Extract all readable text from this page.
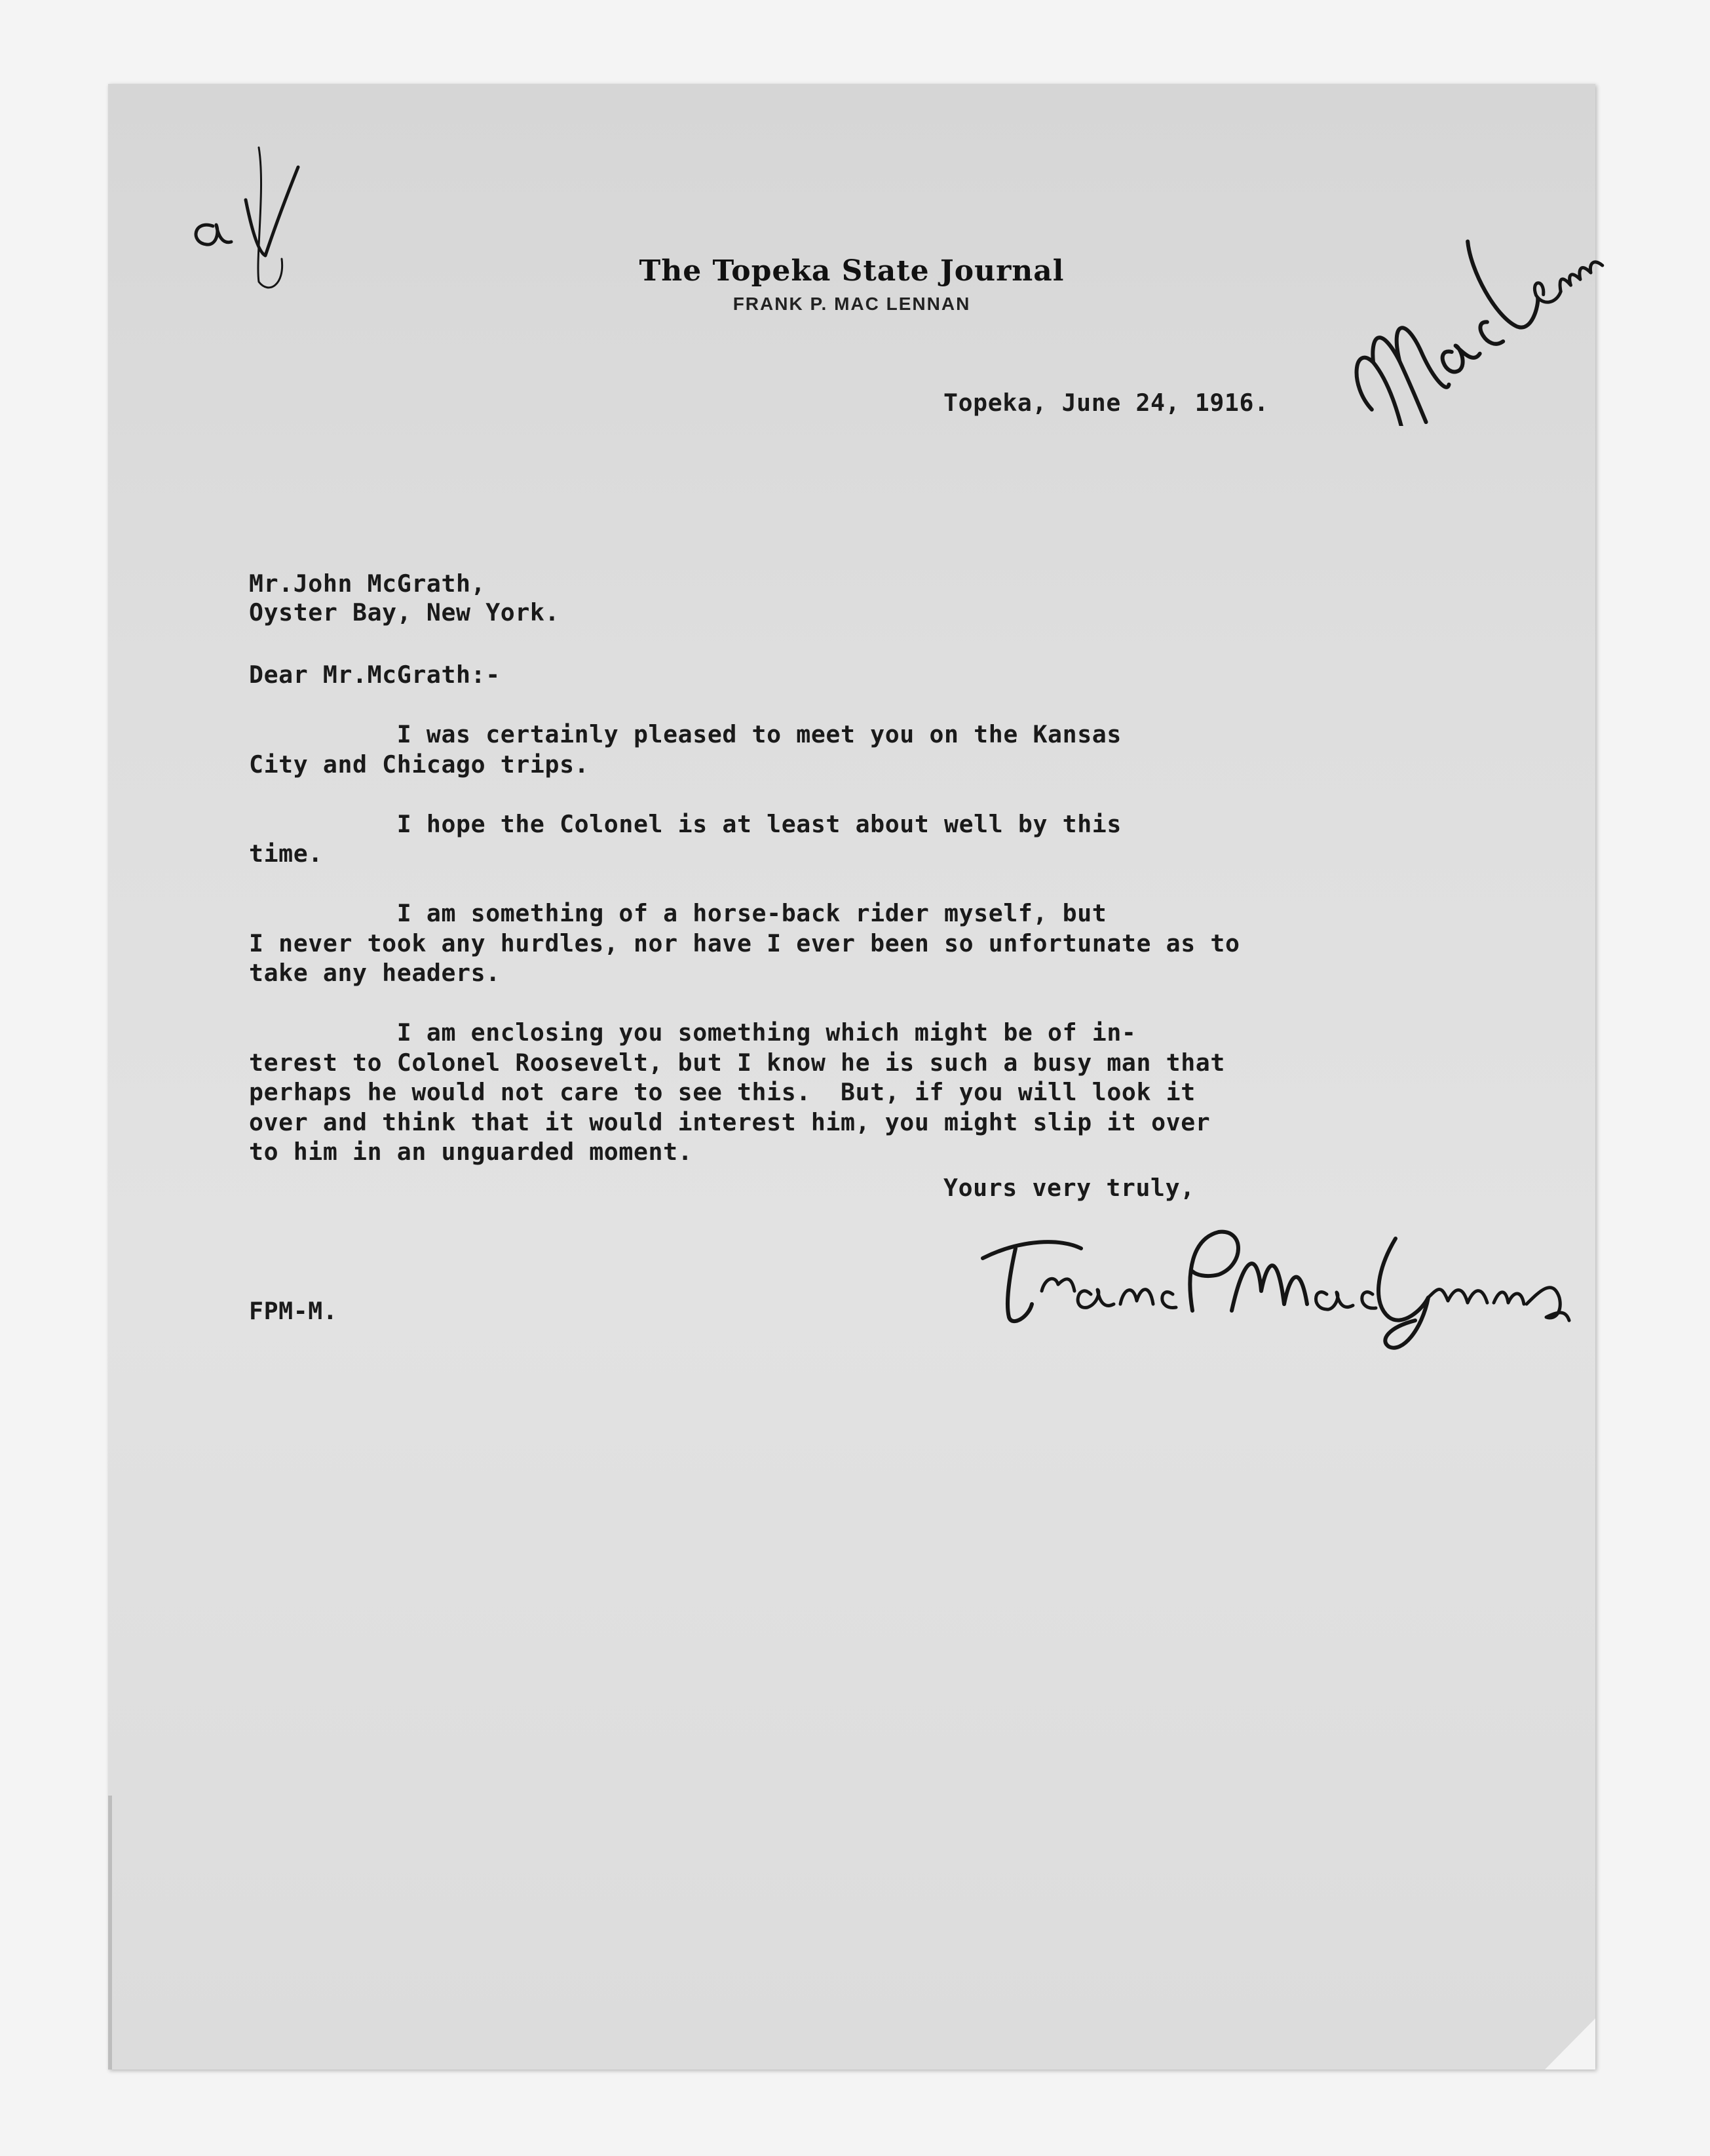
The Topeka State Journal
FRANK P. MAC LENNAN
Topeka, June 24, 1916.
Mr.John McGrath,
Oyster Bay, New York.
Dear Mr.McGrath:-
I was certainly pleased to meet you on the Kansas
City and Chicago trips.
I hope the Colonel is at least about well by this
time.
I am something of a horse-back rider myself, but
I never took any hurdles, nor have I ever been so unfortunate as to
take any headers.
I am enclosing you something which might be of in-
terest to Colonel Roosevelt, but I know he is such a busy man that
perhaps he would not care to see this.  But, if you will look it
over and think that it would interest him, you might slip it over
to him in an unguarded moment.
Yours very truly,
FPM-M.
